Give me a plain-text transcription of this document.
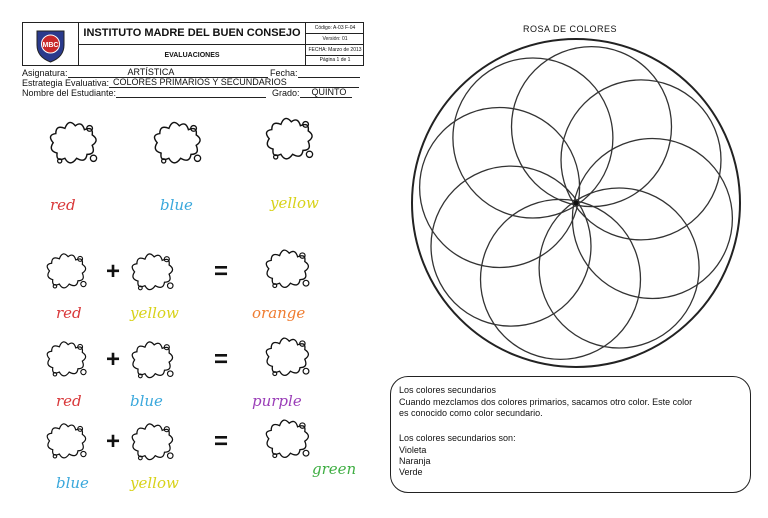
MBC
INSTITUTO MADRE DEL BUEN CONSEJO
EVALUACIONES
Código: A-03 F-04
Versión: 01
FECHA: Marzo de 2013
Página 1 de 1
Asignatura:	ARTÍSTICA	Fecha:
Estrategia Evaluativa: COLORES PRIMARIOS Y SECUNDARIOS
Nombre del Estudiante:	Grado: QUINTO
red	blue	yellow
+	=
red	yellow	orange
+	=
red	blue	purple
+	=
blue	yellow
green
ROSA DE COLORES
Los colores secundarios
Cuando mezclamos dos colores primarios, sacamos otro color. Este color
es conocido como color secundario.
Los colores secundarios son:
Violeta
Naranja
Verde
